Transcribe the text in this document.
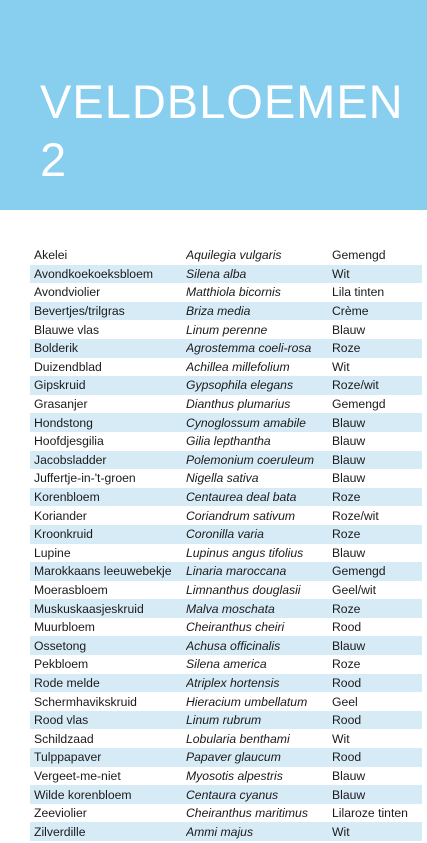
VELDBLOEMEN 2
Akelei	Aquilegia vulgaris	Gemengd
Avondkoekoeksbloem	Silena alba	Wit
Avondviolier	Matthiola bicornis	Lila tinten
Bevertjes/trilgras	Briza media	Crème
Blauwe vlas	Linum perenne	Blauw
Bolderik	Agrostemma coeli-rosa	Roze
Duizendblad	Achillea millefolium	Wit
Gipskruid	Gypsophila elegans	Roze/wit
Grasanjer	Dianthus plumarius	Gemengd
Hondstong	Cynoglossum amabile	Blauw
Hoofdjesgilia	Gilia lepthantha	Blauw
Jacobsladder	Polemonium coeruleum	Blauw
Juffertje-in-'t-groen	Nigella sativa	Blauw
Korenbloem	Centaurea deal bata	Roze
Koriander	Coriandrum sativum	Roze/wit
Kroonkruid	Coronilla varia	Roze
Lupine	Lupinus angus tifolius	Blauw
Marokkaans leeuwebekje	Linaria maroccana	Gemengd
Moerasbloem	Limnanthus douglasii	Geel/wit
Muskuskaasjeskruid	Malva moschata	Roze
Muurbloem	Cheiranthus cheiri	Rood
Ossetong	Achusa officinalis	Blauw
Pekbloem	Silena america	Roze
Rode melde	Atriplex hortensis	Rood
Schermhavikskruid	Hieracium umbellatum	Geel
Rood vlas	Linum rubrum	Rood
Schildzaad	Lobularia benthami	Wit
Tulppapaver	Papaver glaucum	Rood
Vergeet-me-niet	Myosotis alpestris	Blauw
Wilde korenbloem	Centaura cyanus	Blauw
Zeeviolier	Cheiranthus maritimus	Lilaroze tinten
Zilverdille	Ammi majus	Wit
